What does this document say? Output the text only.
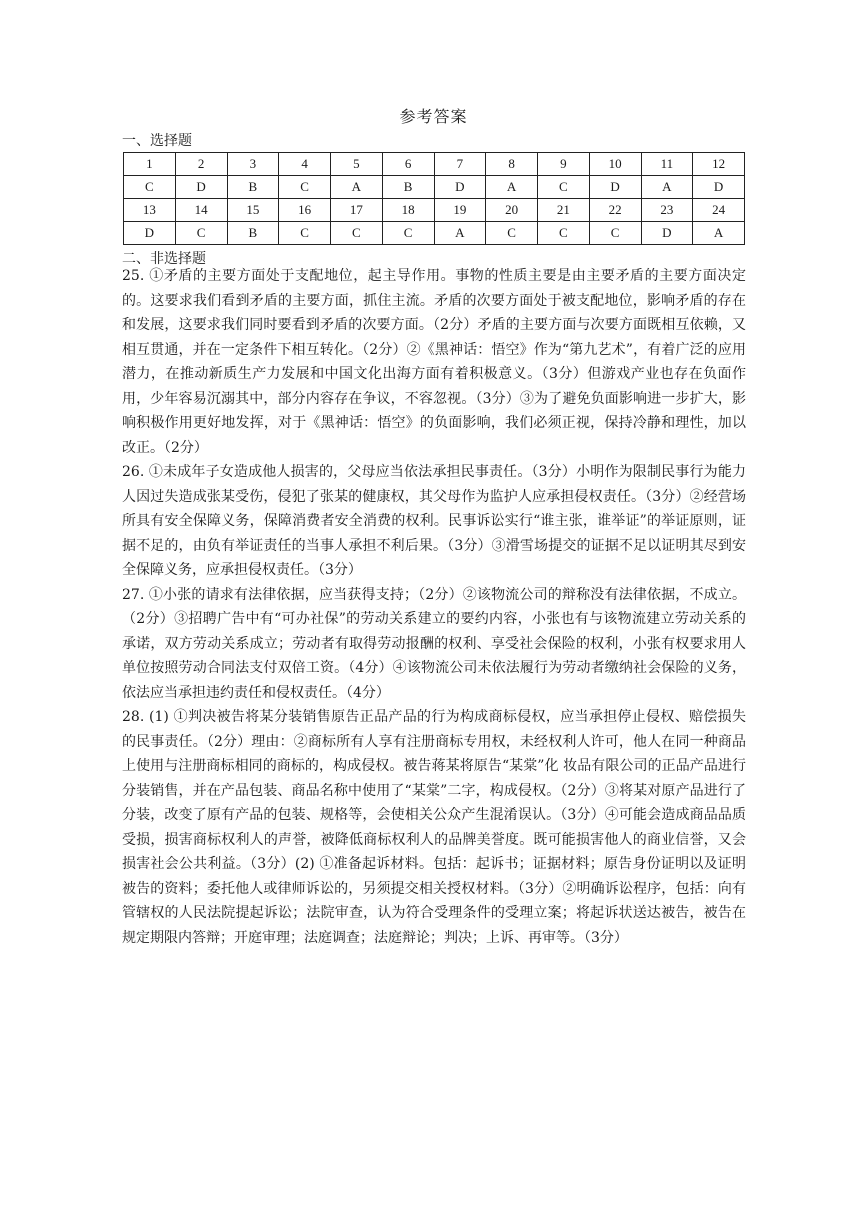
参考答案
一、选择题
1	2	3	4	5	6	7	8	9	10	11	12
C	D	B	C	A	B	D	A	C	D	A	D
13	14	15	16	17	18	19	20	21	22	23	24
D	C	B	C	C	C	A	C	C	C	D	A
二、非选择题

25. ①矛盾的主要方面处于支配地位，起主导作用。事物的性质主要是由主要矛盾的主要方面决定的。这要求我们看到矛盾的主要方面，抓住主流。矛盾的次要方面处于被支配地位，影响矛盾的存在和发展，这要求我们同时要看到矛盾的次要方面。（2分）矛盾的主要方面与次要方面既相互依赖，又相互贯通，并在一定条件下相互转化。（2分）②《黑神话：悟空》作为“第九艺术”，有着广泛的应用潜力，在推动新质生产力发展和中国文化出海方面有着积极意义。（3分）但游戏产业也存在负面作用，少年容易沉溺其中，部分内容存在争议，不容忽视。（3分）③为了避免负面影响进一步扩大，影响积极作用更好地发挥，对于《黑神话：悟空》的负面影响，我们必须正视，保持冷静和理性，加以改正。（2分）

26. ①未成年子女造成他人损害的，父母应当依法承担民事责任。（3分）小明作为限制民事行为能力人因过失造成张某受伤，侵犯了张某的健康权，其父母作为监护人应承担侵权责任。（3分）②经营场所具有安全保障义务，保障消费者安全消费的权利。民事诉讼实行“谁主张，谁举证”的举证原则，证据不足的，由负有举证责任的当事人承担不利后果。（3分）③滑雪场提交的证据不足以证明其尽到安全保障义务，应承担侵权责任。（3分）

27. ①小张的请求有法律依据，应当获得支持；（2分）②该物流公司的辩称没有法律依据，不成立。（2分）③招聘广告中有“可办社保”的劳动关系建立的要约内容，小张也有与该物流建立劳动关系的承诺，双方劳动关系成立；劳动者有取得劳动报酬的权利、享受社会保险的权利，小张有权要求用人单位按照劳动合同法支付双倍工资。（4分）④该物流公司未依法履行为劳动者缴纳社会保险的义务，依法应当承担违约责任和侵权责任。（4分）

28. (1) ①判决被告将某分装销售原告正品产品的行为构成商标侵权，应当承担停止侵权、赔偿损失的民事责任。（2分）理由：②商标所有人享有注册商标专用权，未经权利人许可，他人在同一种商品上使用与注册商标相同的商标的，构成侵权。被告蒋某将原告“某棠”化 妆品有限公司的正品产品进行分装销售，并在产品包装、商品名称中使用了“某棠”二字，构成侵权。（2分）③将某对原产品进行了分装，改变了原有产品的包装、规格等，会使相关公众产生混淆误认。（3分）④可能会造成商品品质受损，损害商标权利人的声誉，被降低商标权利人的品牌美誉度。既可能损害他人的商业信誉，又会损害社会公共利益。（3分）(2) ①准备起诉材料。包括：起诉书；证据材料；原告身份证明以及证明被告的资料；委托他人或律师诉讼的，另须提交相关授权材料。（3分）②明确诉讼程序，包括：向有管辖权的人民法院提起诉讼；法院审查，认为符合受理条件的受理立案；将起诉状送达被告，被告在规定期限内答辩；开庭审理；法庭调查；法庭辩论；判决；上诉、再审等。（3分）
